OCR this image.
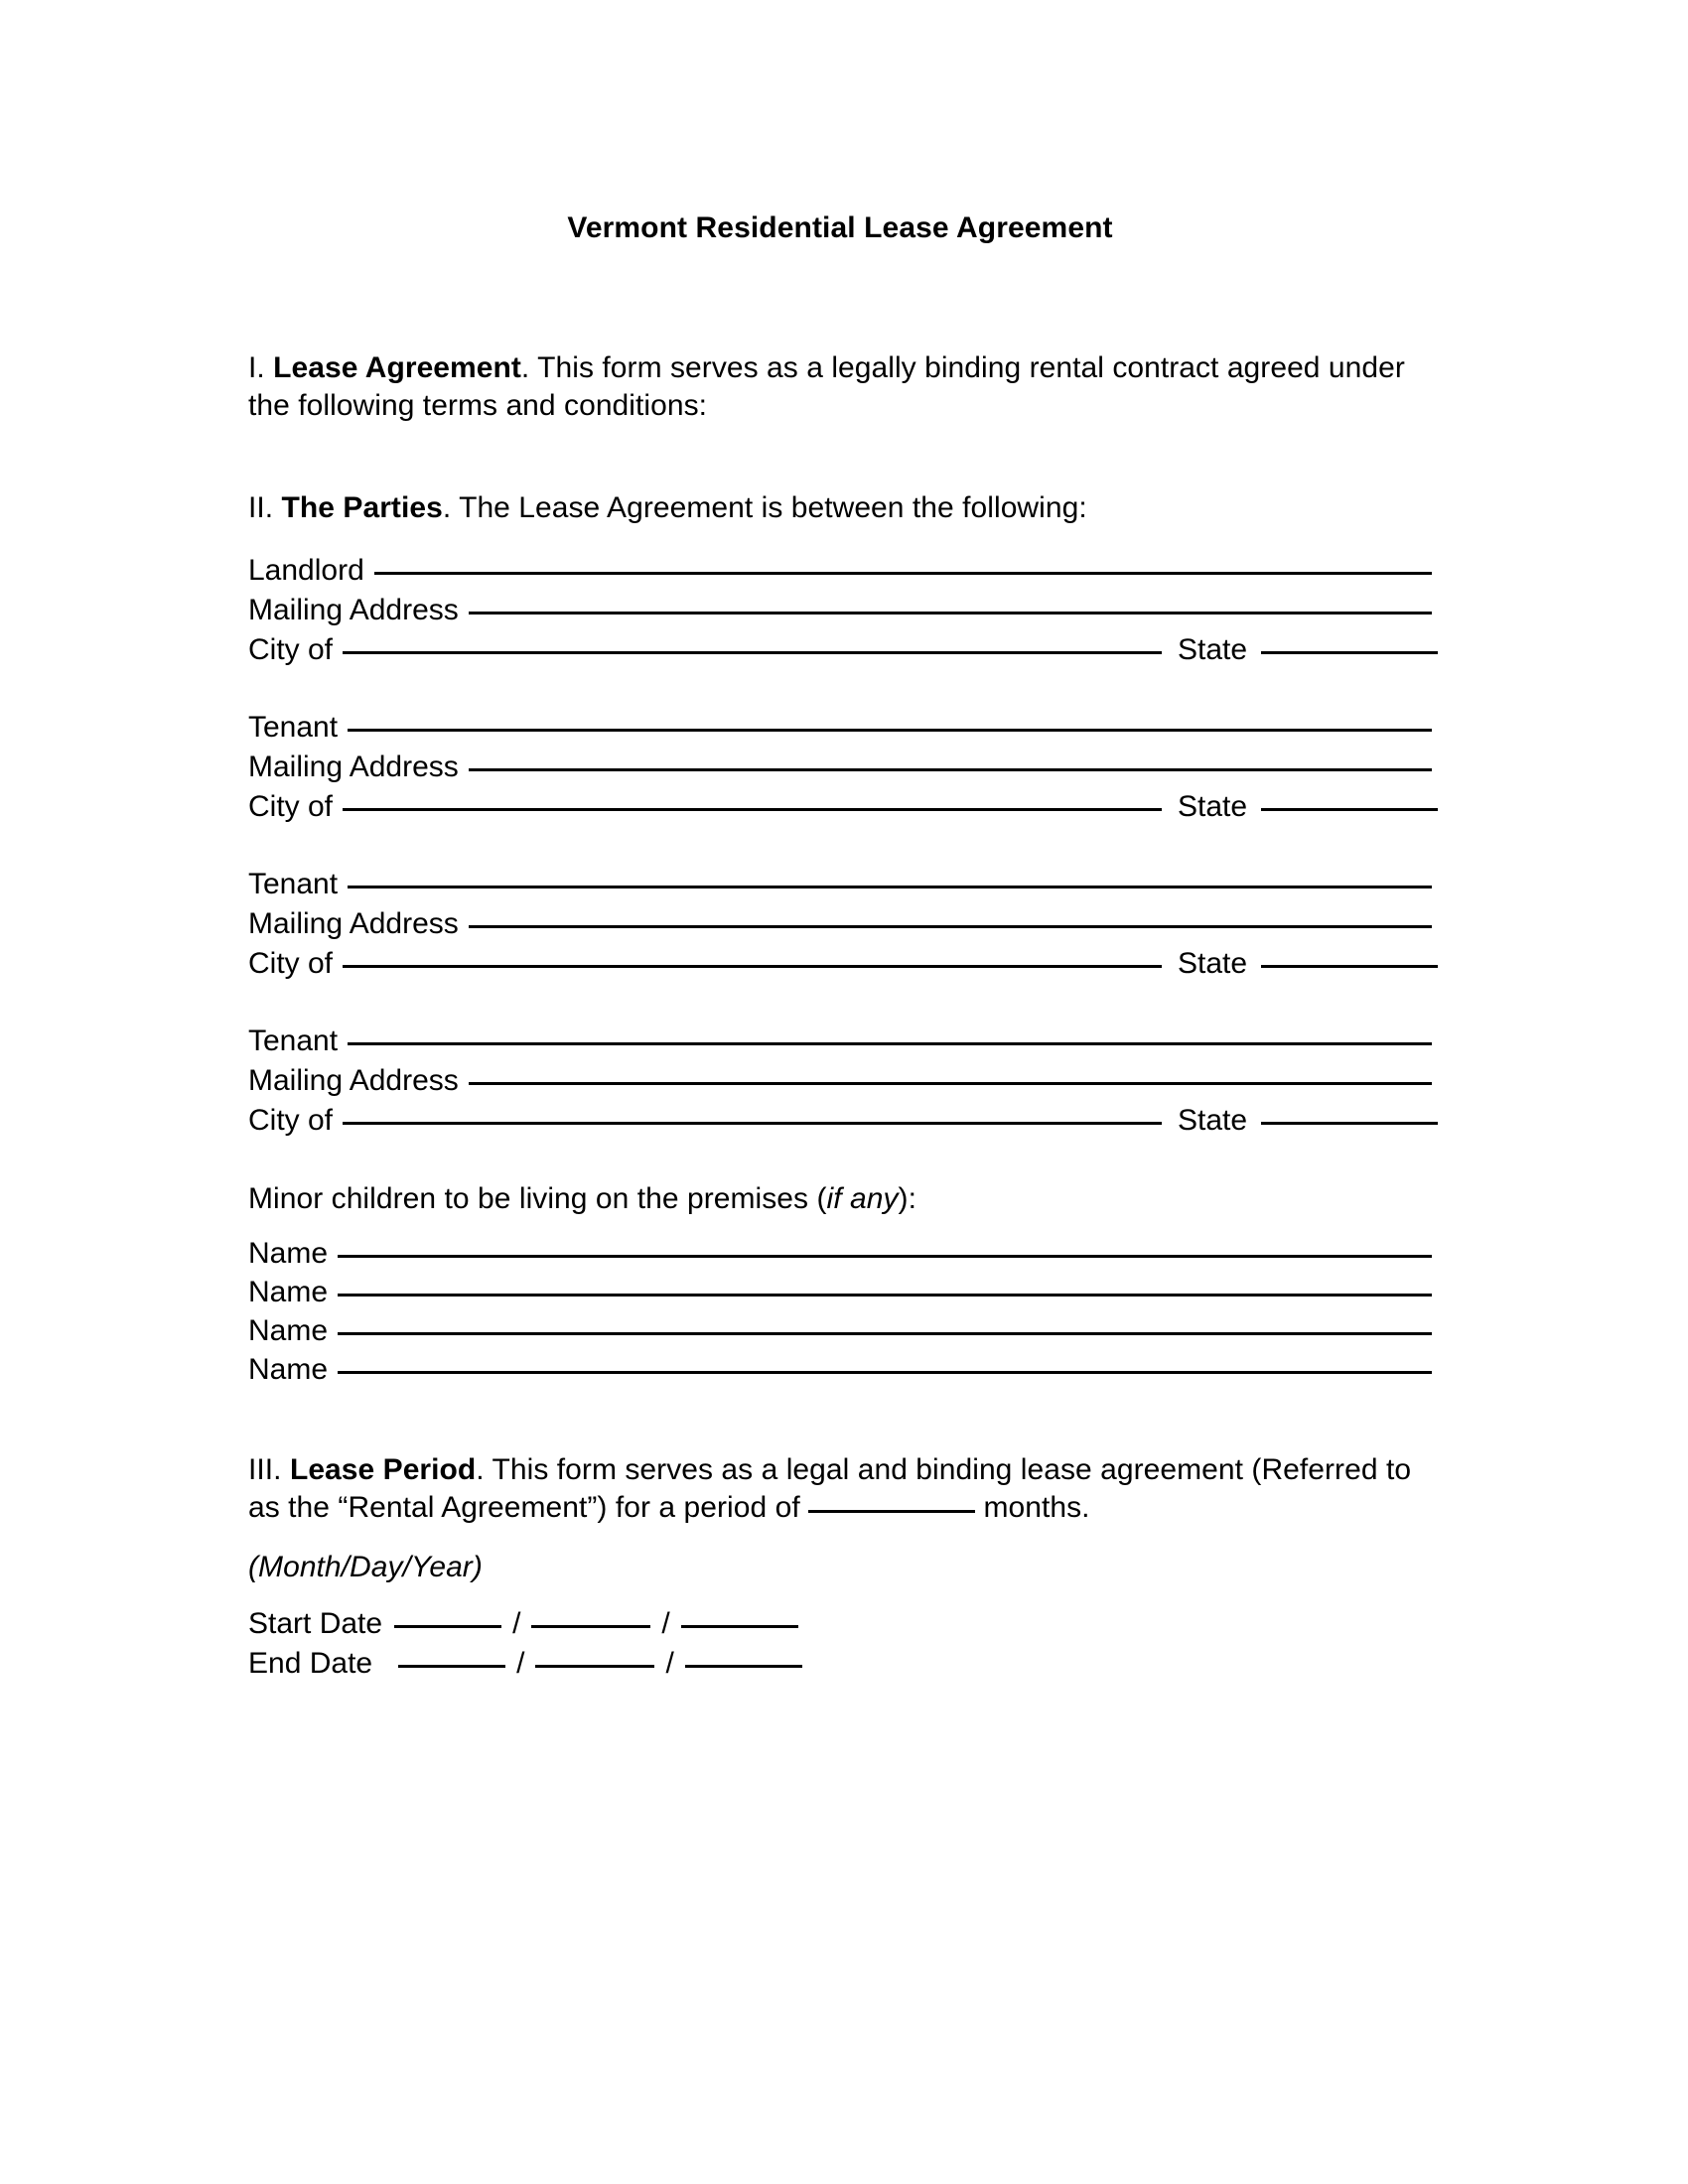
Vermont Residential Lease Agreement

I. Lease Agreement. This form serves as a legally binding rental contract agreed under the following terms and conditions:

II. The Parties. The Lease Agreement is between the following:

Landlord
Mailing Address
City of	State
Tenant
Mailing Address
City of	State
Tenant
Mailing Address
City of	State
Tenant
Mailing Address
City of	State

Minor children to be living on the premises (if any):

Name
Name
Name
Name

III. Lease Period. This form serves as a legal and binding lease agreement (Referred to as the “Rental Agreement”) for a period of	months.

(Month/Day/Year)

Start Date	/	/
End Date	/	/
